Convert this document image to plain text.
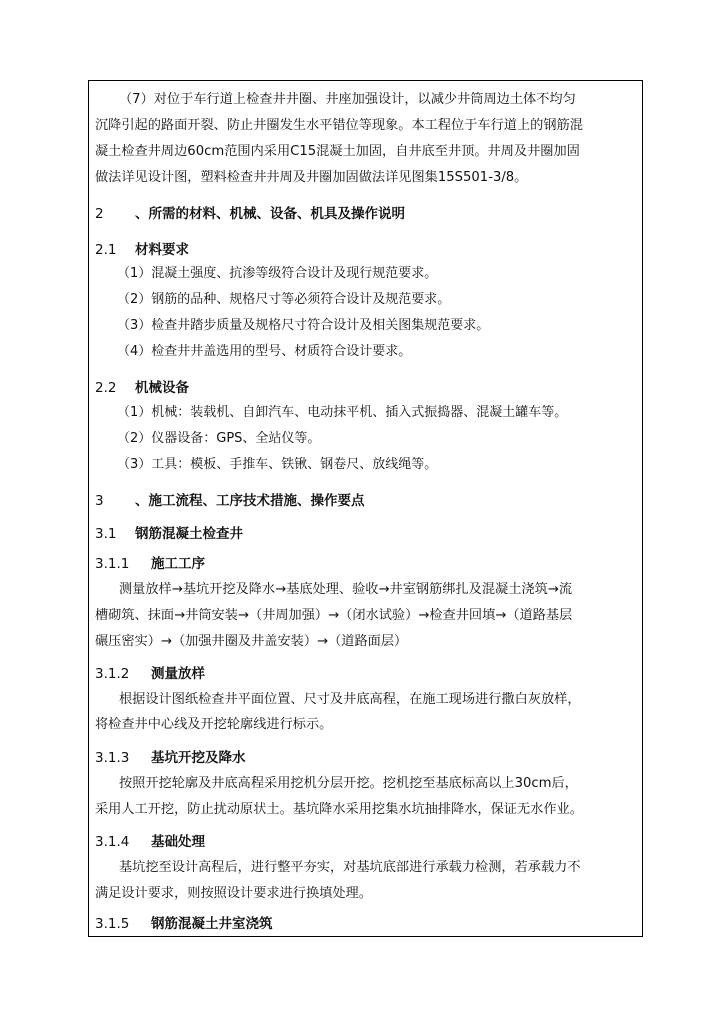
（7）对位于车行道上检查井井圈、井座加强设计，以减少井筒周边土体不均匀
沉降引起的路面开裂、防止井圈发生水平错位等现象。本工程位于车行道上的钢筋混
凝土检查井周边60cm范围内采用C15混凝土加固，自井底至井顶。井周及井圈加固
做法详见设计图，塑料检查井井周及井圈加固做法详见图集15S501-3/8。
2 、所需的材料、机械、设备、机具及操作说明
2.1 材料要求
（1）混凝土强度、抗渗等级符合设计及现行规范要求。
（2）钢筋的品种、规格尺寸等必须符合设计及规范要求。
（3）检查井踏步质量及规格尺寸符合设计及相关图集规范要求。
（4）检查井井盖选用的型号、材质符合设计要求。
2.2 机械设备
（1）机械：装载机、自卸汽车、电动抹平机、插入式振捣器、混凝土罐车等。
（2）仪器设备：GPS、全站仪等。
（3）工具：模板、手推车、铁锹、钢卷尺、放线绳等。
3 、施工流程、工序技术措施、操作要点
3.1 钢筋混凝土检查井
3.1.1 施工工序
测量放样→基坑开挖及降水→基底处理、验收→井室钢筋绑扎及混凝土浇筑→流
槽砌筑、抹面→井筒安装→（井周加强）→（闭水试验）→检查井回填→（道路基层
碾压密实）→（加强井圈及井盖安装）→（道路面层）
3.1.2 测量放样
根据设计图纸检查井平面位置、尺寸及井底高程，在施工现场进行撒白灰放样，
将检查井中心线及开挖轮廓线进行标示。
3.1.3 基坑开挖及降水
按照开挖轮廓及井底高程采用挖机分层开挖。挖机挖至基底标高以上30cm后，
采用人工开挖，防止扰动原状土。基坑降水采用挖集水坑抽排降水，保证无水作业。
3.1.4 基础处理
基坑挖至设计高程后，进行整平夯实，对基坑底部进行承载力检测，若承载力不
满足设计要求，则按照设计要求进行换填处理。
3.1.5 钢筋混凝土井室浇筑
